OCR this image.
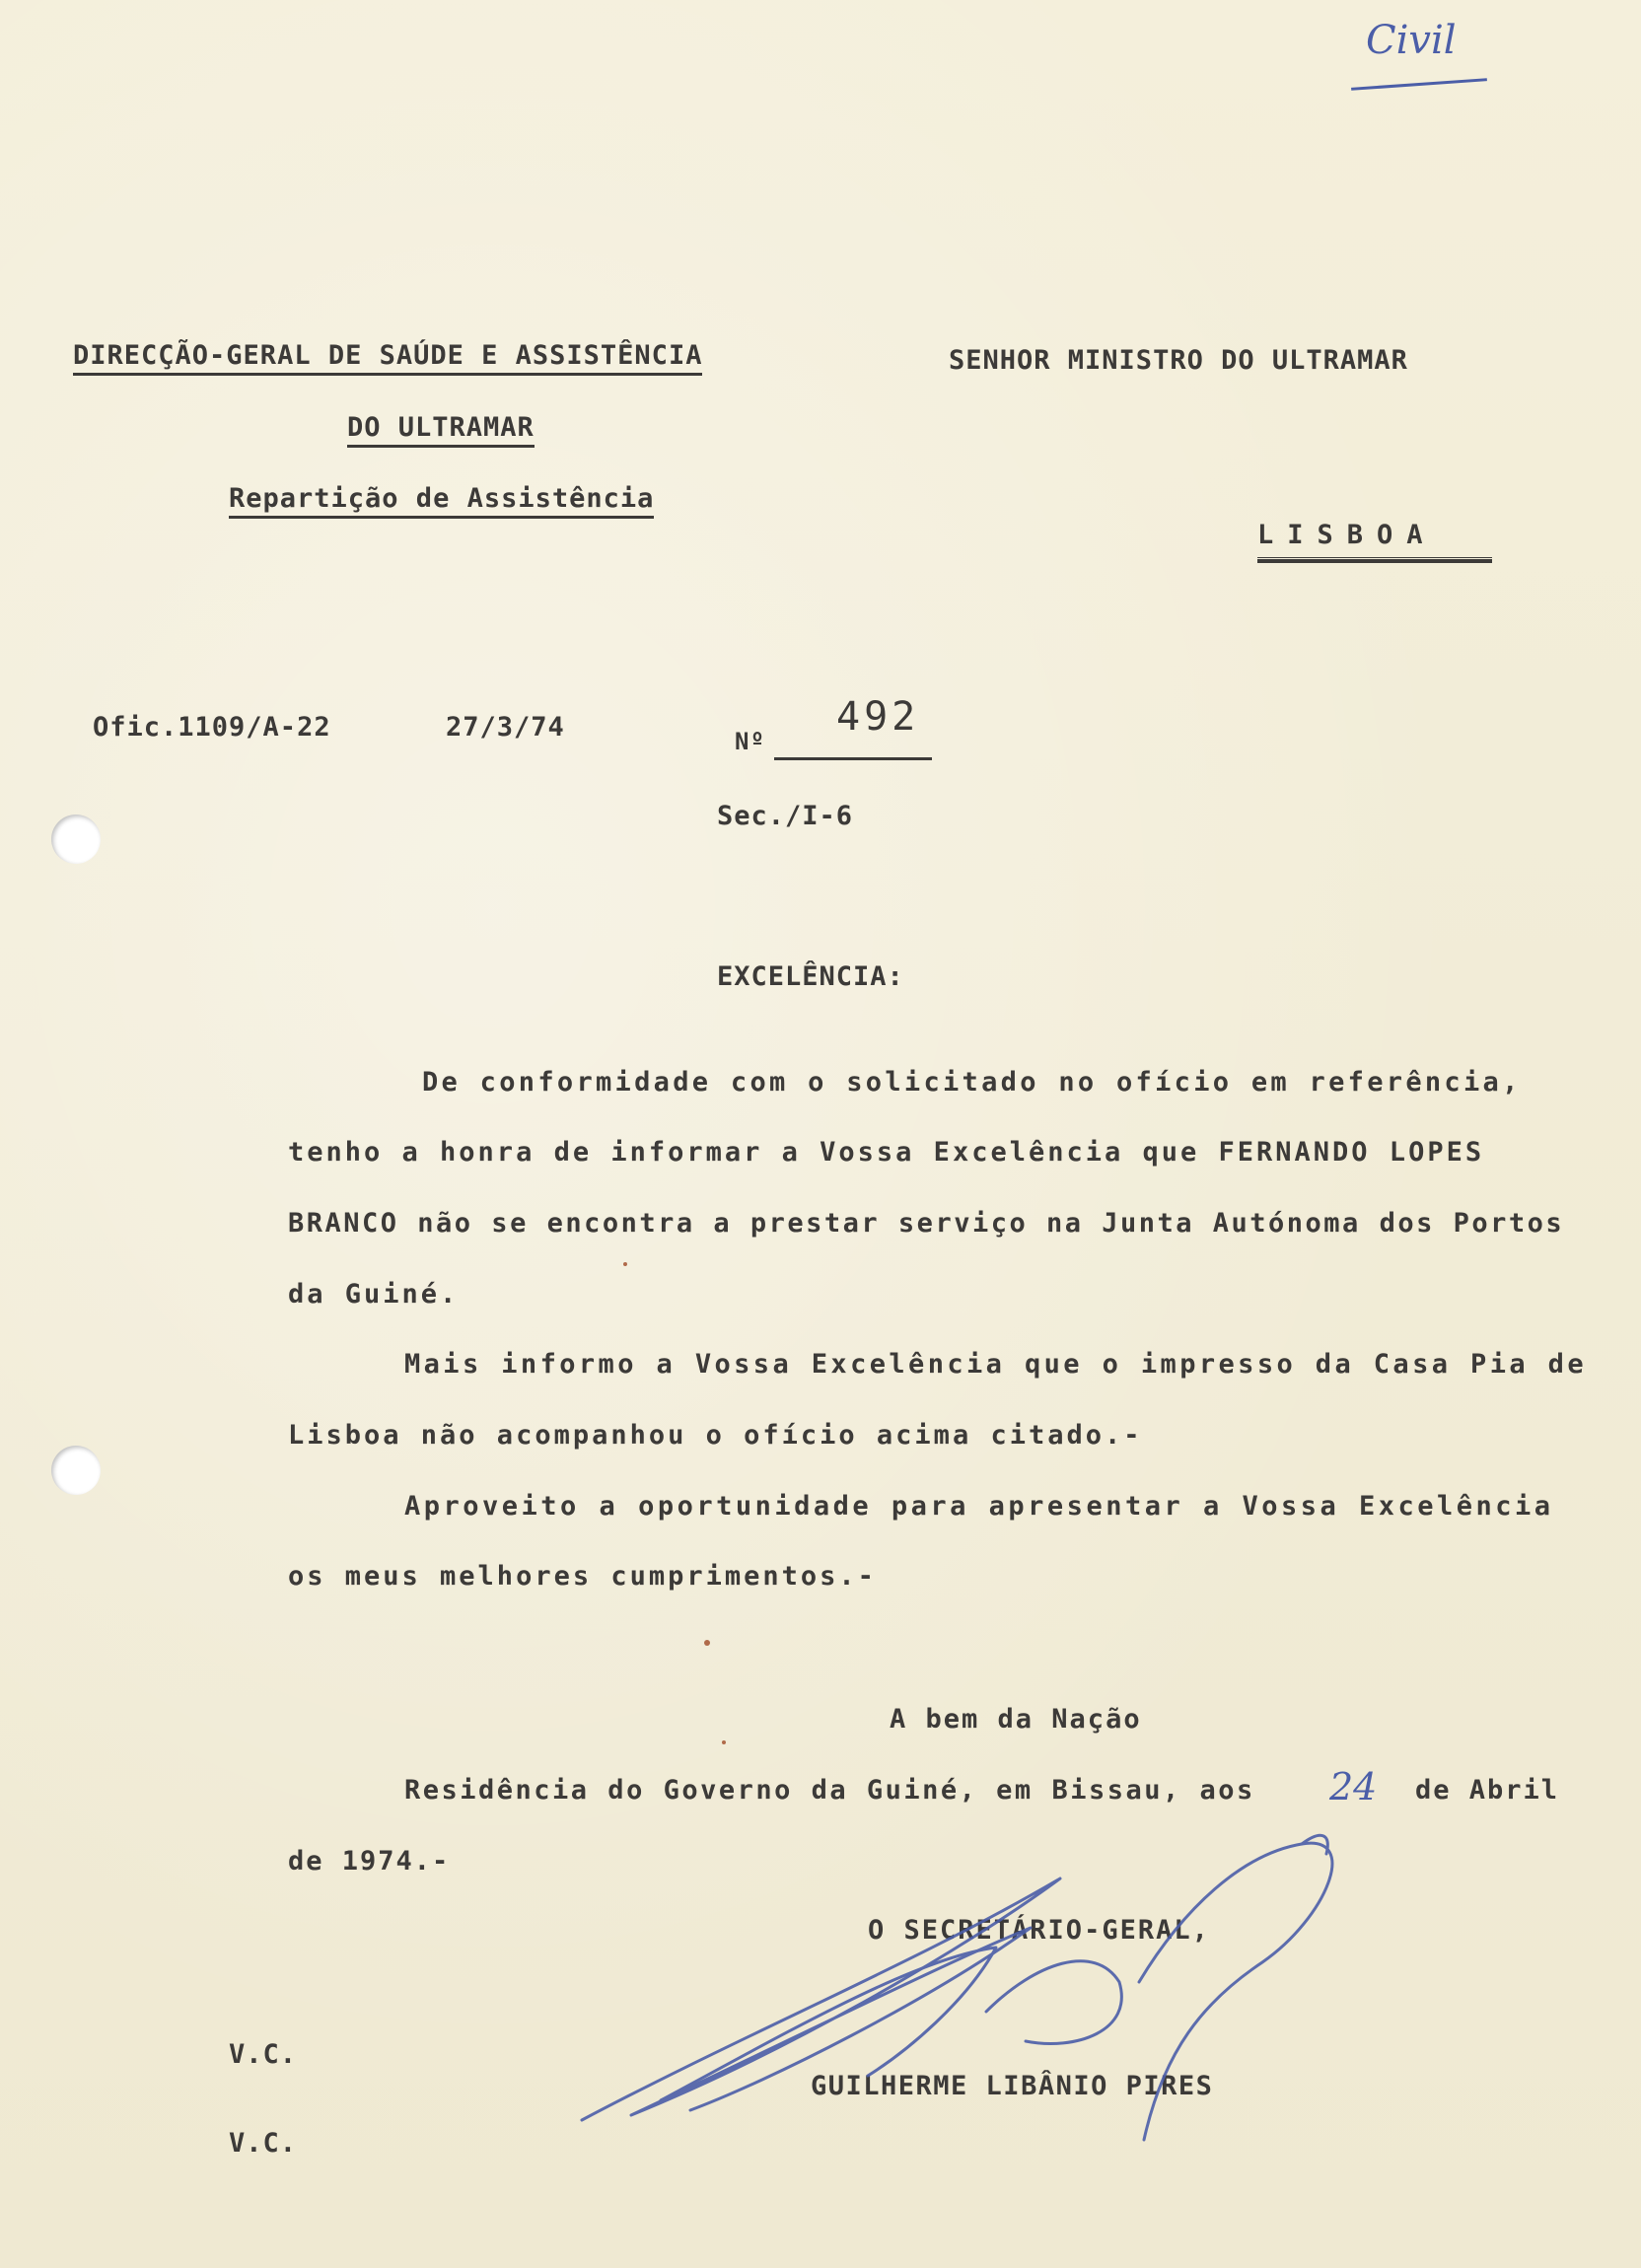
Civil
DIRECÇÃO-GERAL DE SAÚDE E ASSISTÊNCIA
DO ULTRAMAR
Repartição de Assistência
SENHOR MINISTRO DO ULTRAMAR
LISBOA
Ofic.1109/A-22	27/3/74	Nº
492
Sec./I-6
EXCELÊNCIA:
De conformidade com o solicitado no ofício em referência,
tenho a honra de informar a Vossa Excelência que FERNANDO LOPES
BRANCO não se encontra a prestar serviço na Junta Autónoma dos Portos
da Guiné.
Mais informo a Vossa Excelência que o impresso da Casa Pia de
Lisboa não acompanhou o ofício acima citado.-
Aproveito a oportunidade para apresentar a Vossa Excelência
os meus melhores cumprimentos.-
A bem da Nação
Residência do Governo da Guiné, em Bissau, aos 24 de Abril
de 1974.-
O SECRETÁRIO-GERAL,
GUILHERME LIBÂNIO PIRES
V.C.
V.C.
